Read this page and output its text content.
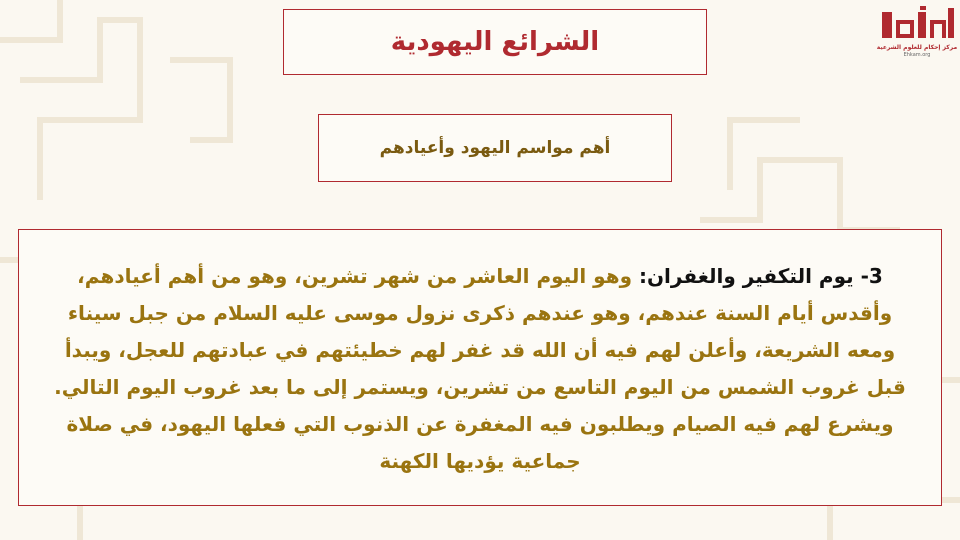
الشرائع اليهودية
أهم مواسم اليهود وأعيادهم

3- يوم التكفير والغفران: وهو اليوم العاشر من شهر تشرين، وهو من أهم أعيادهم، وأقدس أيام السنة عندهم، وهو عندهم ذكرى نزول موسى عليه السلام من جبل سيناء ومعه الشريعة، وأعلن لهم فيه أن الله قد غفر لهم خطيئتهم في عبادتهم للعجل، ويبدأ قبل غروب الشمس من اليوم التاسع من تشرين، ويستمر إلى ما بعد غروب اليوم التالي. ويشرع لهم فيه الصيام ويطلبون فيه المغفرة عن الذنوب التي فعلها اليهود، في صلاة جماعية يؤديها الكهنة

مركز إحكام للعلوم الشرعية
Ehkam.org
